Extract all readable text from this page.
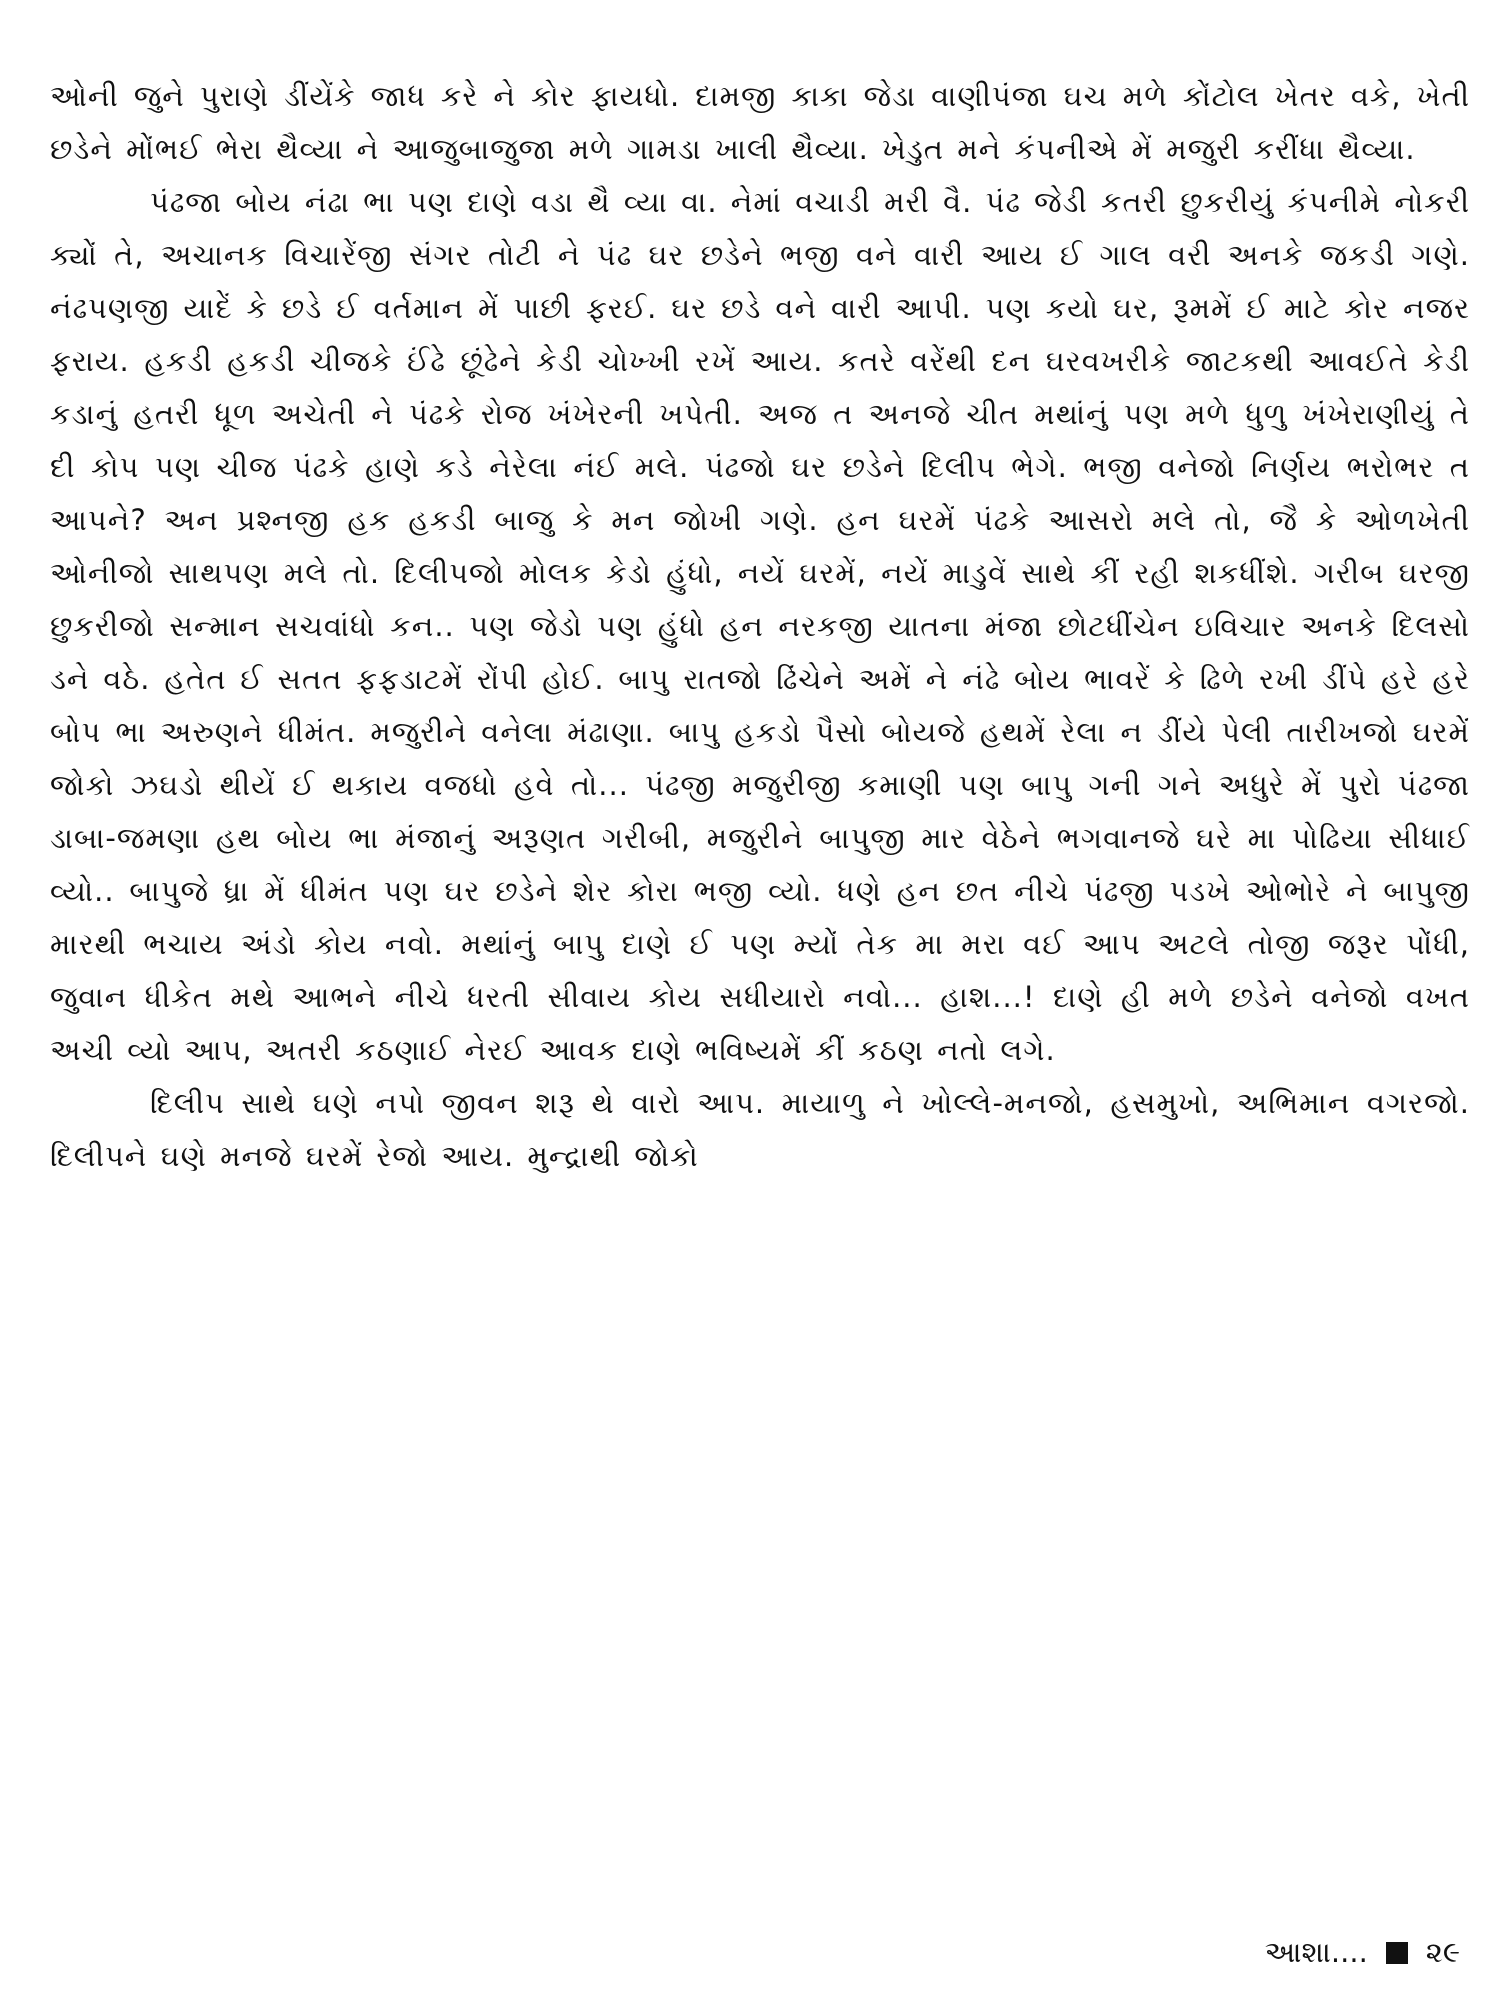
ઓની જુને પુરાણે ડીંયેંકે જાધ કરે ને કોર ફાયધો. દામજી કાકા જેડા વાણીપંજા ઘચ મળે કોંટોલ ખેતર વકે, ખેતી છડેને મોંભઈ ભેરા થૈવ્યા ને આજુબાજુજા મળે ગામડા ખાલી થૈવ્યા. ખેડુત મને કંપનીએ મેં મજુરી કરીંધા થૈવ્યા.

પંઢજા બોય નંઢા ભા પણ દાણે વડા થૈ વ્યા વા. નેમાં વચાડી મરી વૈ. પંઢ જેડી કતરી છુકરીયું કંપનીમે નોકરી ક્યોં તે, અચાનક વિચારેંજી સંગર તોટી ને પંઢ ઘર છડેને ભજી વને વારી આય ઈ ગાલ વરી અનકે જકડી ગણે. નંઢપણજી યાદેં કે છડે ઈ વર્તમાન મેં પાછી ફરઈ. ઘર છડે વને વારી આપી. પણ કયો ઘર, રૂમમેં ઈ માટે કોર નજર ફરાય. હકડી હકડી ચીજકે ઈંઢે છૂંઢેને કેડી ચોખ્ખી રખેં આય. કતરે વરેંથી દન ઘરવખરીકે જાટકથી આવઈતે કેડી કડાનું હતરી ધૂળ અચેતી ને પંઢકે રોજ ખંખેરની ખપેતી. અજ ત અનજે ચીત મથાંનું પણ મળે ધુળુ ખંખેરાણીયું તે દી કોપ પણ ચીજ પંઢકે હાણે કડે નેરેલા નંઈ મલે. પંઢજો ઘર છડેને દિલીપ ભેગે. ભજી વનેજો નિર્ણય ભરોભર ત આપને? અન પ્રશ્નજી હક હકડી બાજુ કે મન જોખી ગણે. હન ઘરમેં પંઢકે આસરો મલે તો, જૈ કે ઓળખેતી ઓનીજો સાથપણ મલે તો. દિલીપજો મોલક કેડો હુંધો, નયેં ઘરમેં, નયેં માડુવેં સાથે કીં રહી શકધીંશે. ગરીબ ઘરજી છુકરીજો સન્માન સચવાંધો કન.. પણ જેડો પણ હુંધો હન નરકજી યાતના મંજા છોટધીંચેન ઇવિચાર અનકે દિલસો ડને વઠે. હતેત ઈ સતત ફફડાટમેં રોંપી હોઈ. બાપુ રાતજો ઢિંચેને અમેં ને નંઢે બોય ભાવરેં કે ઢિળે રખી ડીંપે હરે હરે બોપ ભા અરુણને ધીમંત. મજુરીને વનેલા મંઢાણા. બાપુ હકડો પૈસો બોયજે હથમેં રેલા ન ડીંયે પેલી તારીખજો ઘરમેં જોકો ઝઘડો થીયેં ઈ થકાય વજધો હવે તો... પંઢજી મજુરીજી કમાણી પણ બાપુ ગની ગને અધુરે મેં પુરો પંઢજા ડાબા-જમણા હથ બોય ભા મંજાનું અરૂણત ગરીબી, મજુરીને બાપુજી માર વેઠેને ભગવાનજે ઘરે મા પોઢિયા સીધાઈ વ્યો.. બાપુજે ધ્રા મેં ધીમંત પણ ઘર છડેને શેર કોરા ભજી વ્યો. ધણે હન છત નીચે પંઢજી પડખે ઓભોરે ને બાપુજી મારથી ભચાય અંડો કોય નવો. મથાંનું બાપુ દાણે ઈ પણ મ્યોં તેક મા મરા વઈ આપ અટલે તોજી જરૂર પોંધી, જુવાન ધીકેત મથે આભને નીચે ધરતી સીવાય કોય સધીયારો નવો... હાશ...! દાણે હી મળે છડેને વનેજો વખત અચી વ્યો આપ, અતરી કઠણાઈ નેરઈ આવક દાણે ભવિષ્યમેં કીં કઠણ નતો લગે.

દિલીપ સાથે ઘણે નપો જીવન શરૂ થે વારો આપ. માયાળુ ને ખોલ્લે-મનજો, હસમુખો, અભિમાન વગરજો. દિલીપને ઘણે મનજે ઘરમેં રેજો આય. મુન્દ્રાથી જોકો

આશા.... ૨૯
